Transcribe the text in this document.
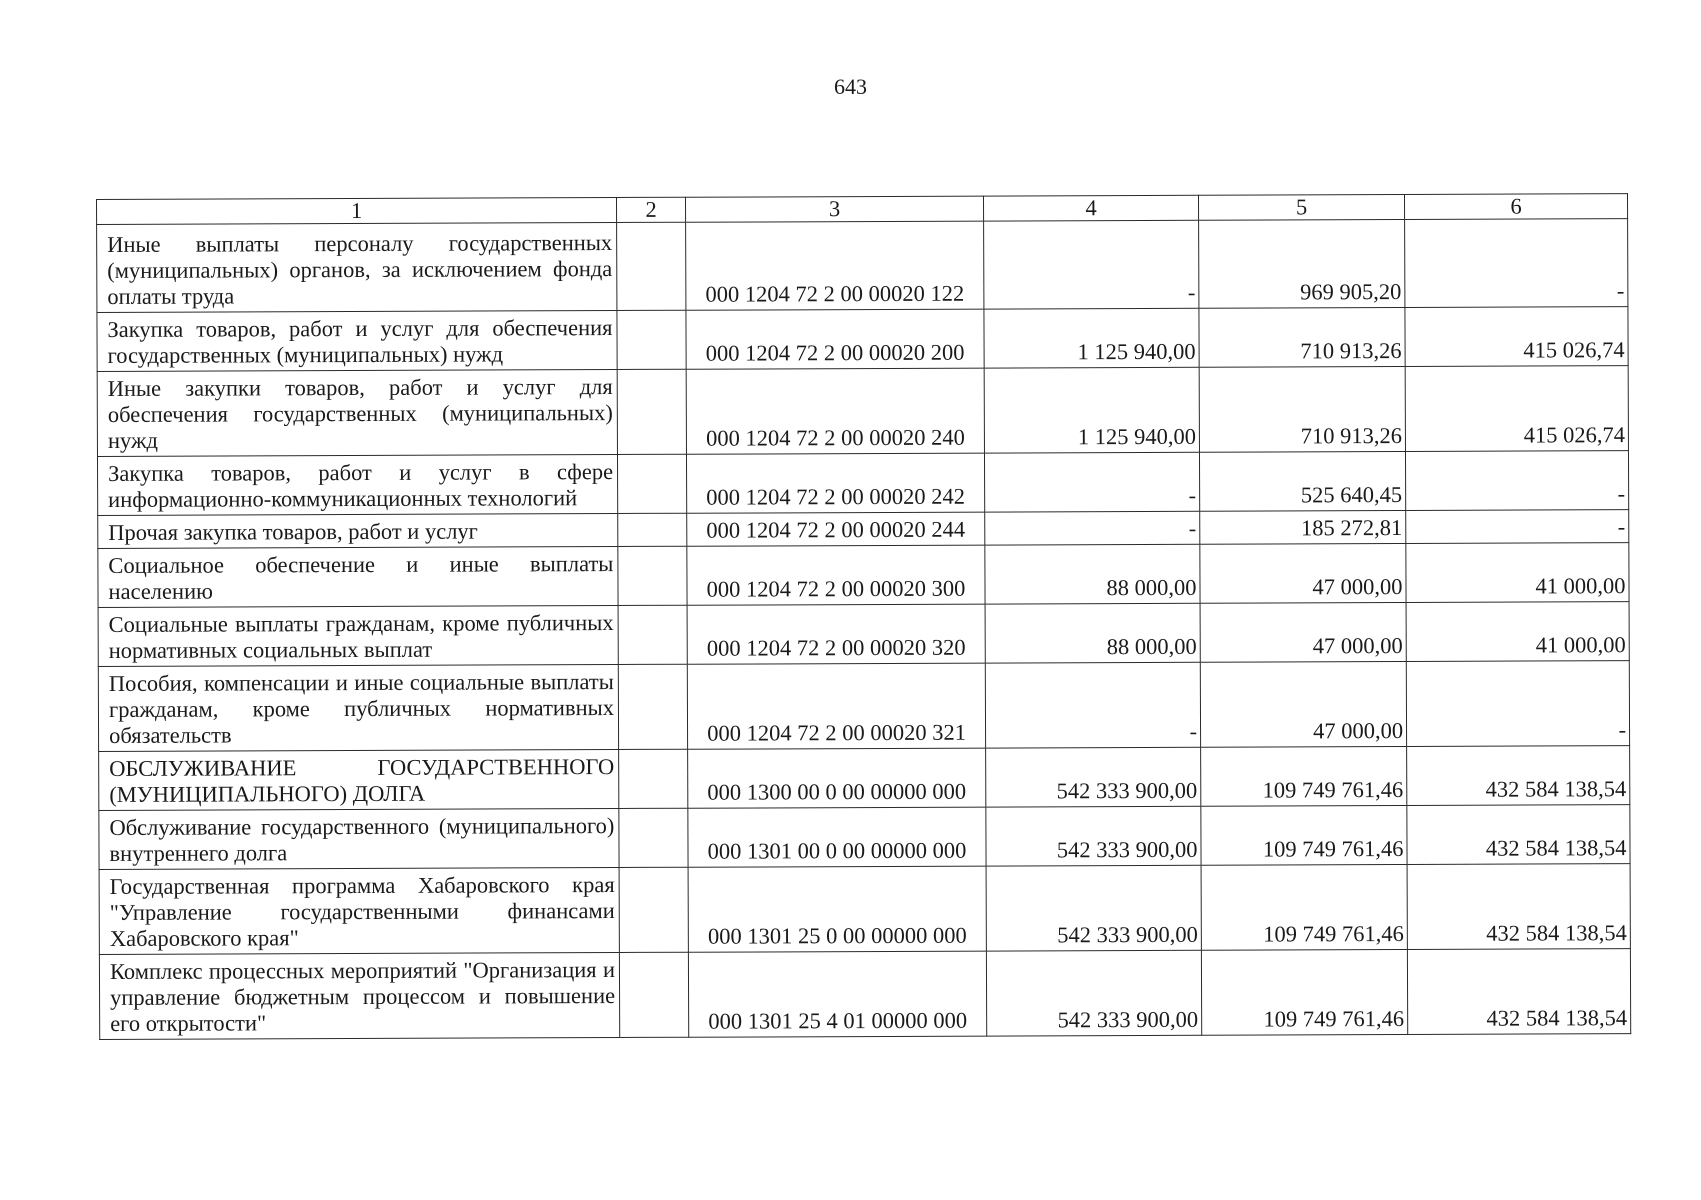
643
1	2	3	4	5	6
Иные выплаты персоналу государственных (муниципальных) органов, за исключением фонда оплаты труда		000 1204 72 2 00 00020 122	-	969 905,20	-
Закупка товаров, работ и услуг для обеспечения государственных (муниципальных) нужд		000 1204 72 2 00 00020 200	1 125 940,00	710 913,26	415 026,74
Иные закупки товаров, работ и услуг для обеспечения государственных (муниципальных) нужд		000 1204 72 2 00 00020 240	1 125 940,00	710 913,26	415 026,74
Закупка товаров, работ и услуг в сфере информационно-коммуникационных технологий		000 1204 72 2 00 00020 242	-	525 640,45	-
Прочая закупка товаров, работ и услуг		000 1204 72 2 00 00020 244	-	185 272,81	-
Социальное обеспечение и иные выплаты населению		000 1204 72 2 00 00020 300	88 000,00	47 000,00	41 000,00
Социальные выплаты гражданам, кроме публичных нормативных социальных выплат		000 1204 72 2 00 00020 320	88 000,00	47 000,00	41 000,00
Пособия, компенсации и иные социальные выплаты гражданам, кроме публичных нормативных обязательств		000 1204 72 2 00 00020 321	-	47 000,00	-
ОБСЛУЖИВАНИЕ ГОСУДАРСТВЕННОГО (МУНИЦИПАЛЬНОГО) ДОЛГА		000 1300 00 0 00 00000 000	542 333 900,00	109 749 761,46	432 584 138,54
Обслуживание государственного (муниципального) внутреннего долга		000 1301 00 0 00 00000 000	542 333 900,00	109 749 761,46	432 584 138,54
Государственная программа Хабаровского края "Управление государственными финансами Хабаровского края"		000 1301 25 0 00 00000 000	542 333 900,00	109 749 761,46	432 584 138,54
Комплекс процессных мероприятий "Организация и управление бюджетным процессом и повышение его открытости"		000 1301 25 4 01 00000 000	542 333 900,00	109 749 761,46	432 584 138,54
